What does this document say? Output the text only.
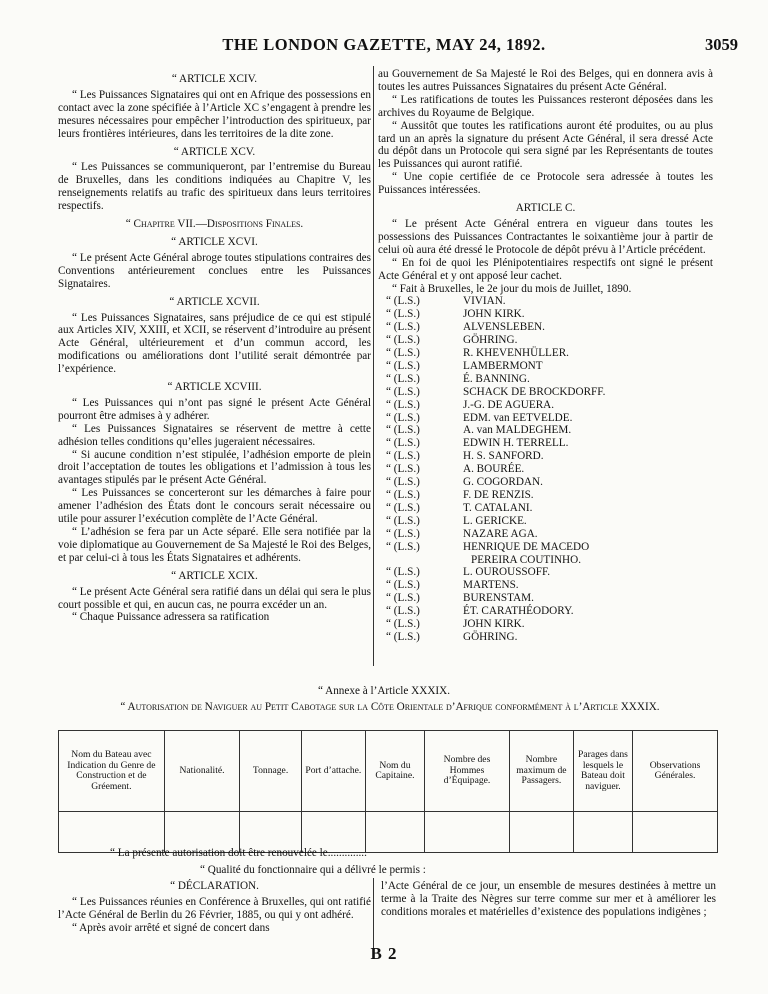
THE LONDON GAZETTE, MAY 24, 1892.	3059
“ ARTICLE XCIV.

“ Les Puissances Signataires qui ont en Afrique des possessions en contact avec la zone spécifiée à l’Article XC s’engagent à prendre les mesures nécessaires pour empêcher l’introduction des spiritueux, par leurs frontières intérieures, dans les territoires de la dite zone.

“ ARTICLE XCV.

“ Les Puissances se communiqueront, par l’entremise du Bureau de Bruxelles, dans les conditions indiquées au Chapitre V, les renseignements relatifs au trafic des spiritueux dans leurs territoires respectifs.

“ Chapitre VII.—Dispositions Finales.
“ ARTICLE XCVI.

“ Le présent Acte Général abroge toutes stipulations contraires des Conventions antérieurement conclues entre les Puissances Signataires.

“ ARTICLE XCVII.

“ Les Puissances Signataires, sans préjudice de ce qui est stipulé aux Articles XIV, XXIII, et XCII, se réservent d’introduire au présent Acte Général, ultérieurement et d’un commun accord, les modifications ou améliorations dont l’utilité serait démontrée par l’expérience.

“ ARTICLE XCVIII.

“ Les Puissances qui n’ont pas signé le présent Acte Général pourront être admises à y adhérer.

“ Les Puissances Signataires se réservent de mettre à cette adhésion telles conditions qu’elles jugeraient nécessaires.

“ Si aucune condition n’est stipulée, l’adhésion emporte de plein droit l’acceptation de toutes les obligations et l’admission à tous les avantages stipulés par le présent Acte Général.

“ Les Puissances se concerteront sur les démarches à faire pour amener l’adhésion des États dont le concours serait nécessaire ou utile pour assurer l’exécution complète de l’Acte Général.

“ L’adhésion se fera par un Acte séparé. Elle sera notifiée par la voie diplomatique au Gouvernement de Sa Majesté le Roi des Belges, et par celui-ci à tous les États Signataires et adhérents.

“ ARTICLE XCIX.

“ Le présent Acte Général sera ratifié dans un délai qui sera le plus court possible et qui, en aucun cas, ne pourra excéder un an.

“ Chaque Puissance adressera sa ratification

au Gouvernement de Sa Majesté le Roi des Belges, qui en donnera avis à toutes les autres Puissances Signataires du présent Acte Général.

“ Les ratifications de toutes les Puissances resteront déposées dans les archives du Royaume de Belgique.

“ Aussitôt que toutes les ratifications auront été produites, ou au plus tard un an après la signature du présent Acte Général, il sera dressé Acte du dépôt dans un Protocole qui sera signé par les Représentants de toutes les Puissances qui auront ratifié.

“ Une copie certifiée de ce Protocole sera adressée à toutes les Puissances intéressées.

ARTICLE C.

“ Le présent Acte Général entrera en vigueur dans toutes les possessions des Puissances Contractantes le soixantième jour à partir de celui où aura été dressé le Protocole de dépôt prévu à l’Article précédent.

“ En foi de quoi les Plénipotentiaires respectifs ont signé le présent Acte Général et y ont apposé leur cachet.

“ Fait à Bruxelles, le 2e jour du mois de Juillet, 1890.

“ (L.S.)	VIVIAN.
“ (L.S.)	JOHN KIRK.
“ (L.S.)	ALVENSLEBEN.
“ (L.S.)	GÖHRING.
“ (L.S.)	R. KHEVENHÜLLER.
“ (L.S.)	LAMBERMONT
“ (L.S.)	É. BANNING.
“ (L.S.)	SCHACK DE BROCKDORFF.
“ (L.S.)	J.-G. DE AGUERA.
“ (L.S.)	EDM. van EETVELDE.
“ (L.S.)	A. van MALDEGHEM.
“ (L.S.)	EDWIN H. TERRELL.
“ (L.S.)	H. S. SANFORD.
“ (L.S.)	A. BOURÉE.
“ (L.S.)	G. COGORDAN.
“ (L.S.)	F. DE RENZIS.
“ (L.S.)	T. CATALANI.
“ (L.S.)	L. GERICKE.
“ (L.S.)	NAZARE AGA.
“ (L.S.)	HENRIQUE DE MACEDO
PEREIRA COUTINHO.
“ (L.S.)	L. OUROUSSOFF.
“ (L.S.)	MARTENS.
“ (L.S.)	BURENSTAM.
“ (L.S.)	ÉT. CARATHÉODORY.
“ (L.S.)	JOHN KIRK.
“ (L.S.)	GÖHRING.
“ Annexe à l’Article XXXIX.
“ Autorisation de Naviguer au Petit Cabotage sur la Côte Orientale d’Afrique conformément à l’Article XXXIX.
Nom du Bateau avec Indication du Genre de Construction et de Gréement.	Nationalité.	Tonnage.	Port d’attache.	Nom du Capitaine.	Nombre des Hommes d’Équipage.	Nombre maximum de Passagers.	Parages dans lesquels le Bateau doit naviguer.	Observations Générales.

“ La présente autorisation doit être renouvelée le..............
“ Qualité du fonctionnaire qui a délivré le permis :
“ DÉCLARATION.

“ Les Puissances réunies en Conférence à Bruxelles, qui ont ratifié l’Acte Général de Berlin du 26 Février, 1885, ou qui y ont adhéré.

“ Après avoir arrêté et signé de concert dans

l’Acte Général de ce jour, un ensemble de mesures destinées à mettre un terme à la Traite des Nègres sur terre comme sur mer et à améliorer les conditions morales et matérielles d’existence des populations indigènes ;

B 2
